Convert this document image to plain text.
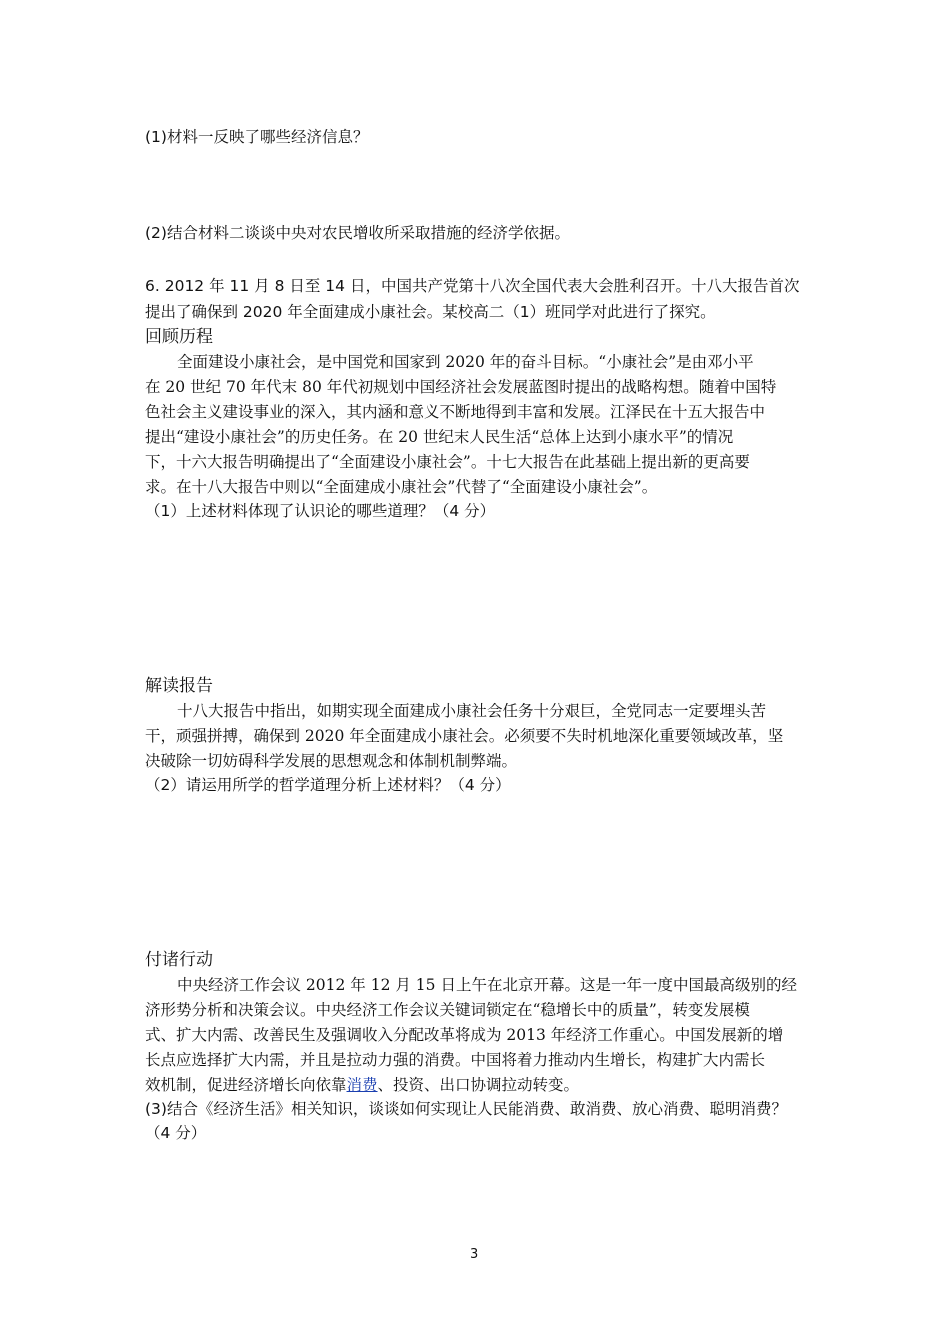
(1)材料一反映了哪些经济信息？
(2)结合材料二谈谈中央对农民增收所采取措施的经济学依据。
6. 2012 年 11 月 8 日至 14 日，中国共产党第十八次全国代表大会胜利召开。十八大报告首次
提出了确保到 2020 年全面建成小康社会。某校高二（1）班同学对此进行了探究。
回顾历程
全面建设小康社会，是中国党和国家到 2020 年的奋斗目标。“小康社会”是由邓小平
在 20 世纪 70 年代末 80 年代初规划中国经济社会发展蓝图时提出的战略构想。随着中国特
色社会主义建设事业的深入，其内涵和意义不断地得到丰富和发展。江泽民在十五大报告中
提出“建设小康社会”的历史任务。在 20 世纪末人民生活“总体上达到小康水平”的情况
下，十六大报告明确提出了“全面建设小康社会”。十七大报告在此基础上提出新的更高要
求。在十八大报告中则以“全面建成小康社会”代替了“全面建设小康社会”。
（1）上述材料体现了认识论的哪些道理？（4 分）
解读报告
十八大报告中指出，如期实现全面建成小康社会任务十分艰巨，全党同志一定要埋头苦
干，顽强拼搏，确保到 2020 年全面建成小康社会。必须要不失时机地深化重要领域改革，坚
决破除一切妨碍科学发展的思想观念和体制机制弊端。
（2）请运用所学的哲学道理分析上述材料？（4 分）
付诸行动
中央经济工作会议 2012 年 12 月 15 日上午在北京开幕。这是一年一度中国最高级别的经
济形势分析和决策会议。中央经济工作会议关键词锁定在“稳增长中的质量”，转变发展模
式、扩大内需、改善民生及强调收入分配改革将成为 2013 年经济工作重心。中国发展新的增
长点应选择扩大内需，并且是拉动力强的消费。中国将着力推动内生增长，构建扩大内需长
效机制，促进经济增长向依靠消费、投资、出口协调拉动转变。
(3)结合《经济生活》相关知识，谈谈如何实现让人民能消费、敢消费、放心消费、聪明消费？
（4 分）
3
